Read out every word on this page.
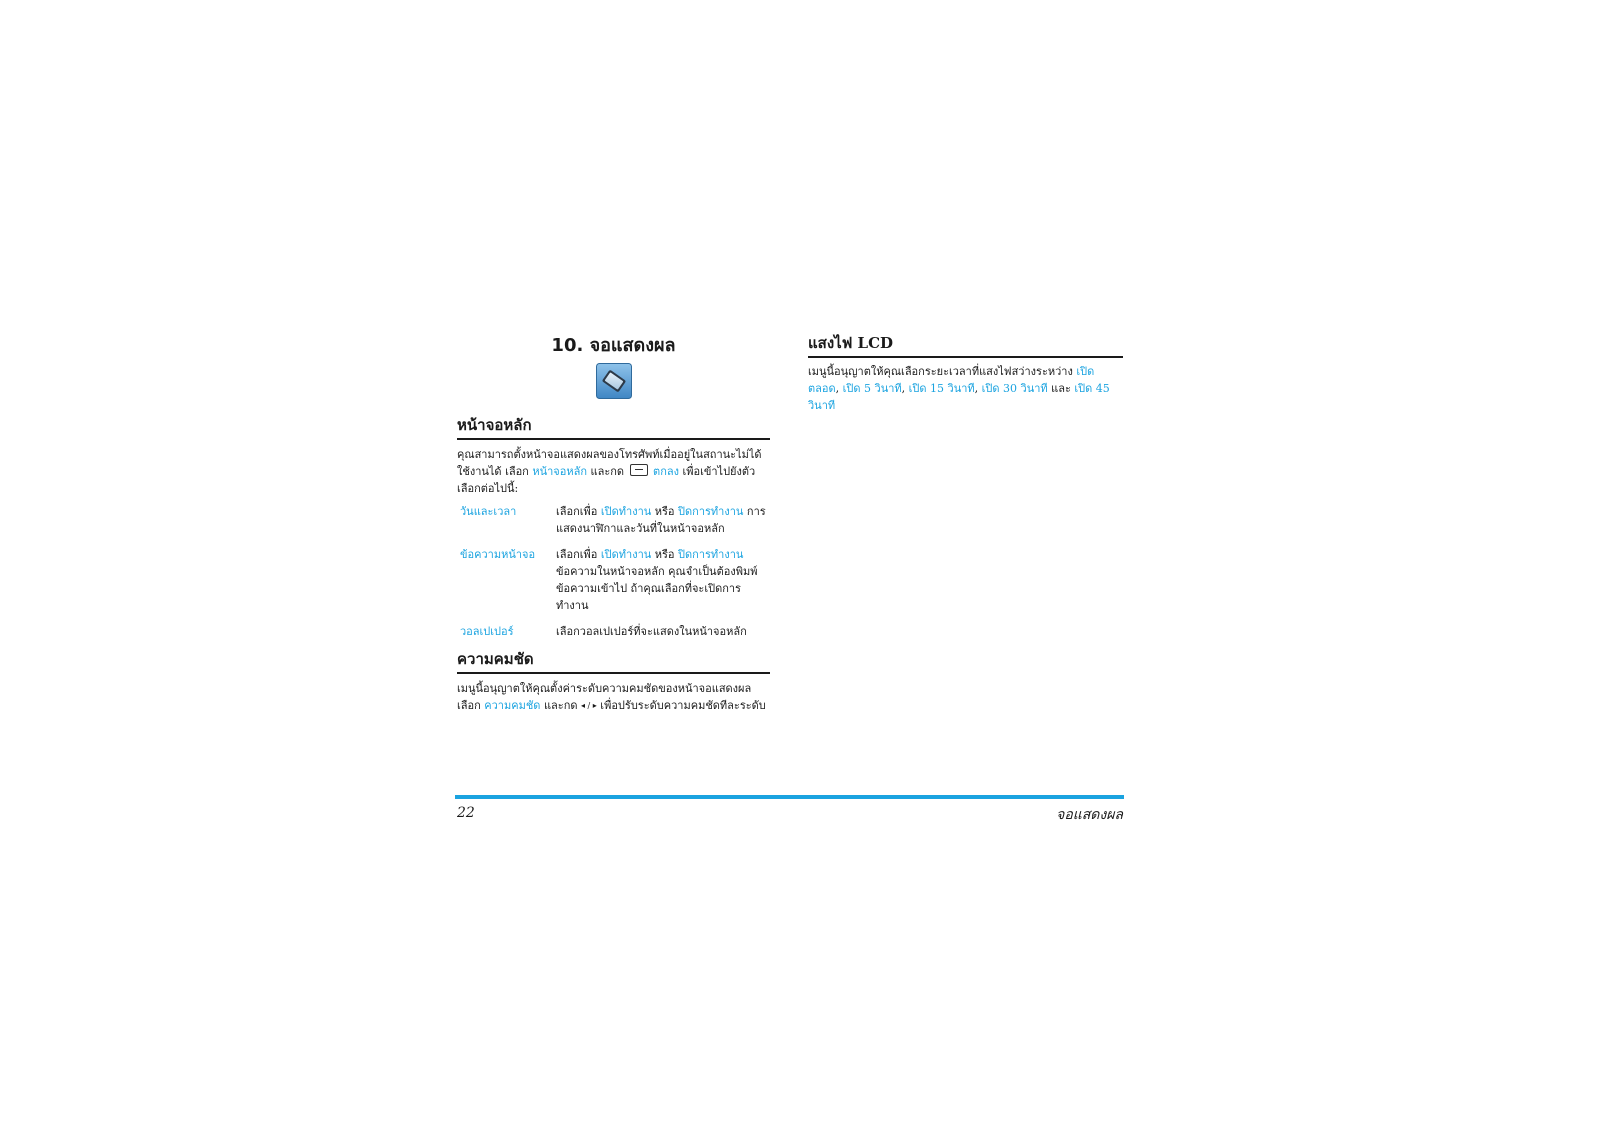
10. จอแสดงผล
หน้าจอหลัก

คุณสามารถตั้งหน้าจอแสดงผลของโทรศัพท์เมื่ออยู่ในสถานะไม่ได้ใช้งานได้ เลือก หน้าจอหลัก และกด  ตกลง เพื่อเข้าไปยังตัวเลือกต่อไปนี้:

วันและเวลา	เลือกเพื่อ เปิดทำงาน หรือ ปิดการทำงาน การแสดงนาฬิกาและวันที่ในหน้าจอหลัก
ข้อความหน้าจอ	เลือกเพื่อ เปิดทำงาน หรือ ปิดการทำงาน ข้อความในหน้าจอหลัก คุณจำเป็นต้องพิมพ์ข้อความเข้าไป ถ้าคุณเลือกที่จะเปิดการทำงาน
วอลเปเปอร์	เลือกวอลเปเปอร์ที่จะแสดงในหน้าจอหลัก
ความคมชัด

เมนูนี้อนุญาตให้คุณตั้งค่าระดับความคมชัดของหน้าจอแสดงผล เลือก ความคมชัด และกด ◂ / ▸ เพื่อปรับระดับความคมชัดทีละระดับ

แสงไฟ LCD

เมนูนี้อนุญาตให้คุณเลือกระยะเวลาที่แสงไฟสว่างระหว่าง เปิดตลอด, เปิด 5 วินาที, เปิด 15 วินาที, เปิด 30 วินาที และ เปิด 45 วินาที

22	จอแสดงผล
